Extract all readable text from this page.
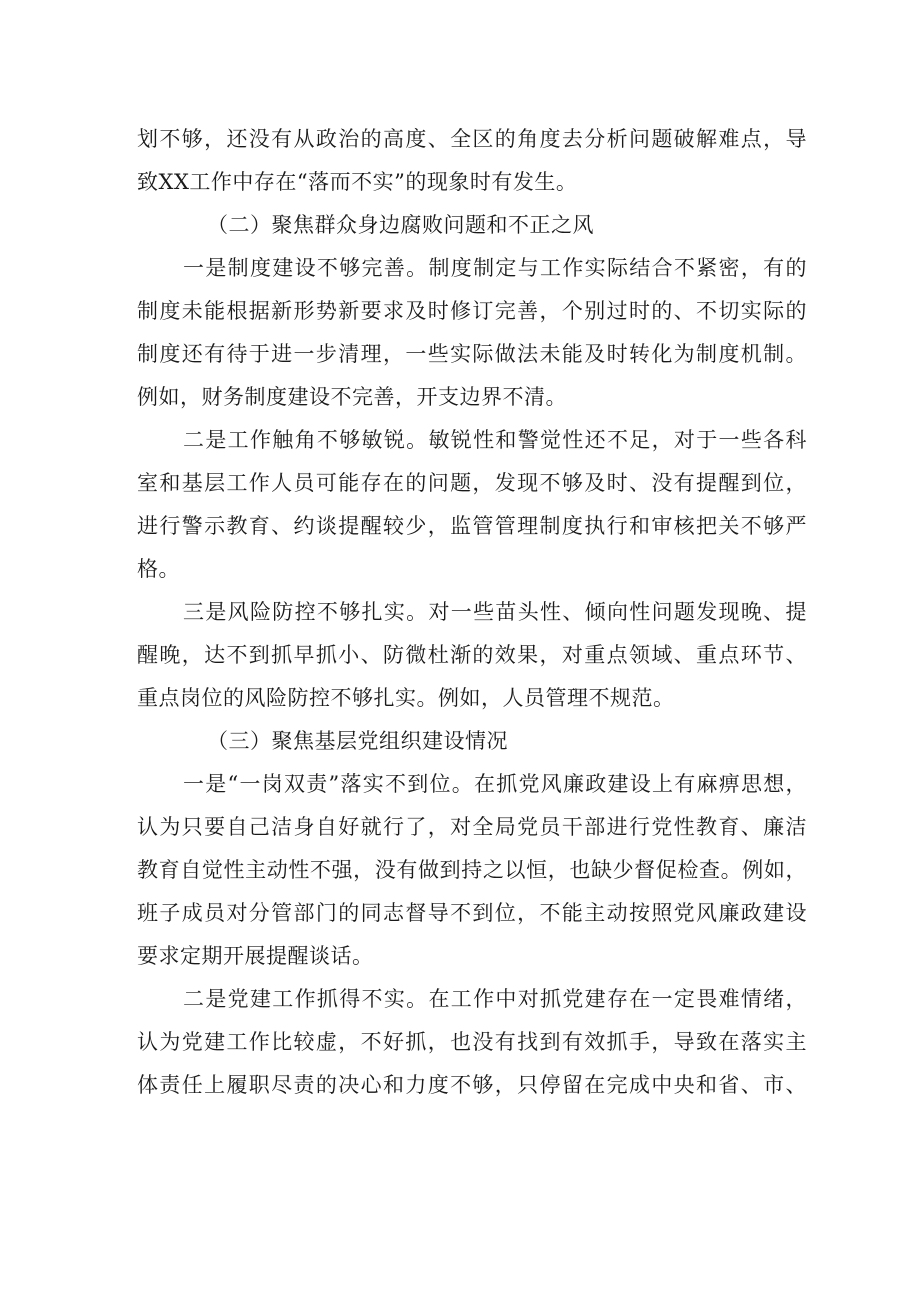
划不够，还没有从政治的高度、全区的角度去分析问题破解难点，导
致XX工作中存在“落而不实”的现象时有发生。
（二）聚焦群众身边腐败问题和不正之风
一是制度建设不够完善。制度制定与工作实际结合不紧密，有的
制度未能根据新形势新要求及时修订完善，个别过时的、不切实际的
制度还有待于进一步清理，一些实际做法未能及时转化为制度机制。
例如，财务制度建设不完善，开支边界不清。
二是工作触角不够敏锐。敏锐性和警觉性还不足，对于一些各科
室和基层工作人员可能存在的问题，发现不够及时、没有提醒到位，
进行警示教育、约谈提醒较少，监管管理制度执行和审核把关不够严
格。
三是风险防控不够扎实。对一些苗头性、倾向性问题发现晚、提
醒晚，达不到抓早抓小、防微杜渐的效果，对重点领域、重点环节、
重点岗位的风险防控不够扎实。例如，人员管理不规范。
（三）聚焦基层党组织建设情况
一是“一岗双责”落实不到位。在抓党风廉政建设上有麻痹思想，
认为只要自己洁身自好就行了，对全局党员干部进行党性教育、廉洁
教育自觉性主动性不强，没有做到持之以恒，也缺少督促检查。例如，
班子成员对分管部门的同志督导不到位，不能主动按照党风廉政建设
要求定期开展提醒谈话。
二是党建工作抓得不实。在工作中对抓党建存在一定畏难情绪，
认为党建工作比较虚，不好抓，也没有找到有效抓手，导致在落实主
体责任上履职尽责的决心和力度不够，只停留在完成中央和省、市、
